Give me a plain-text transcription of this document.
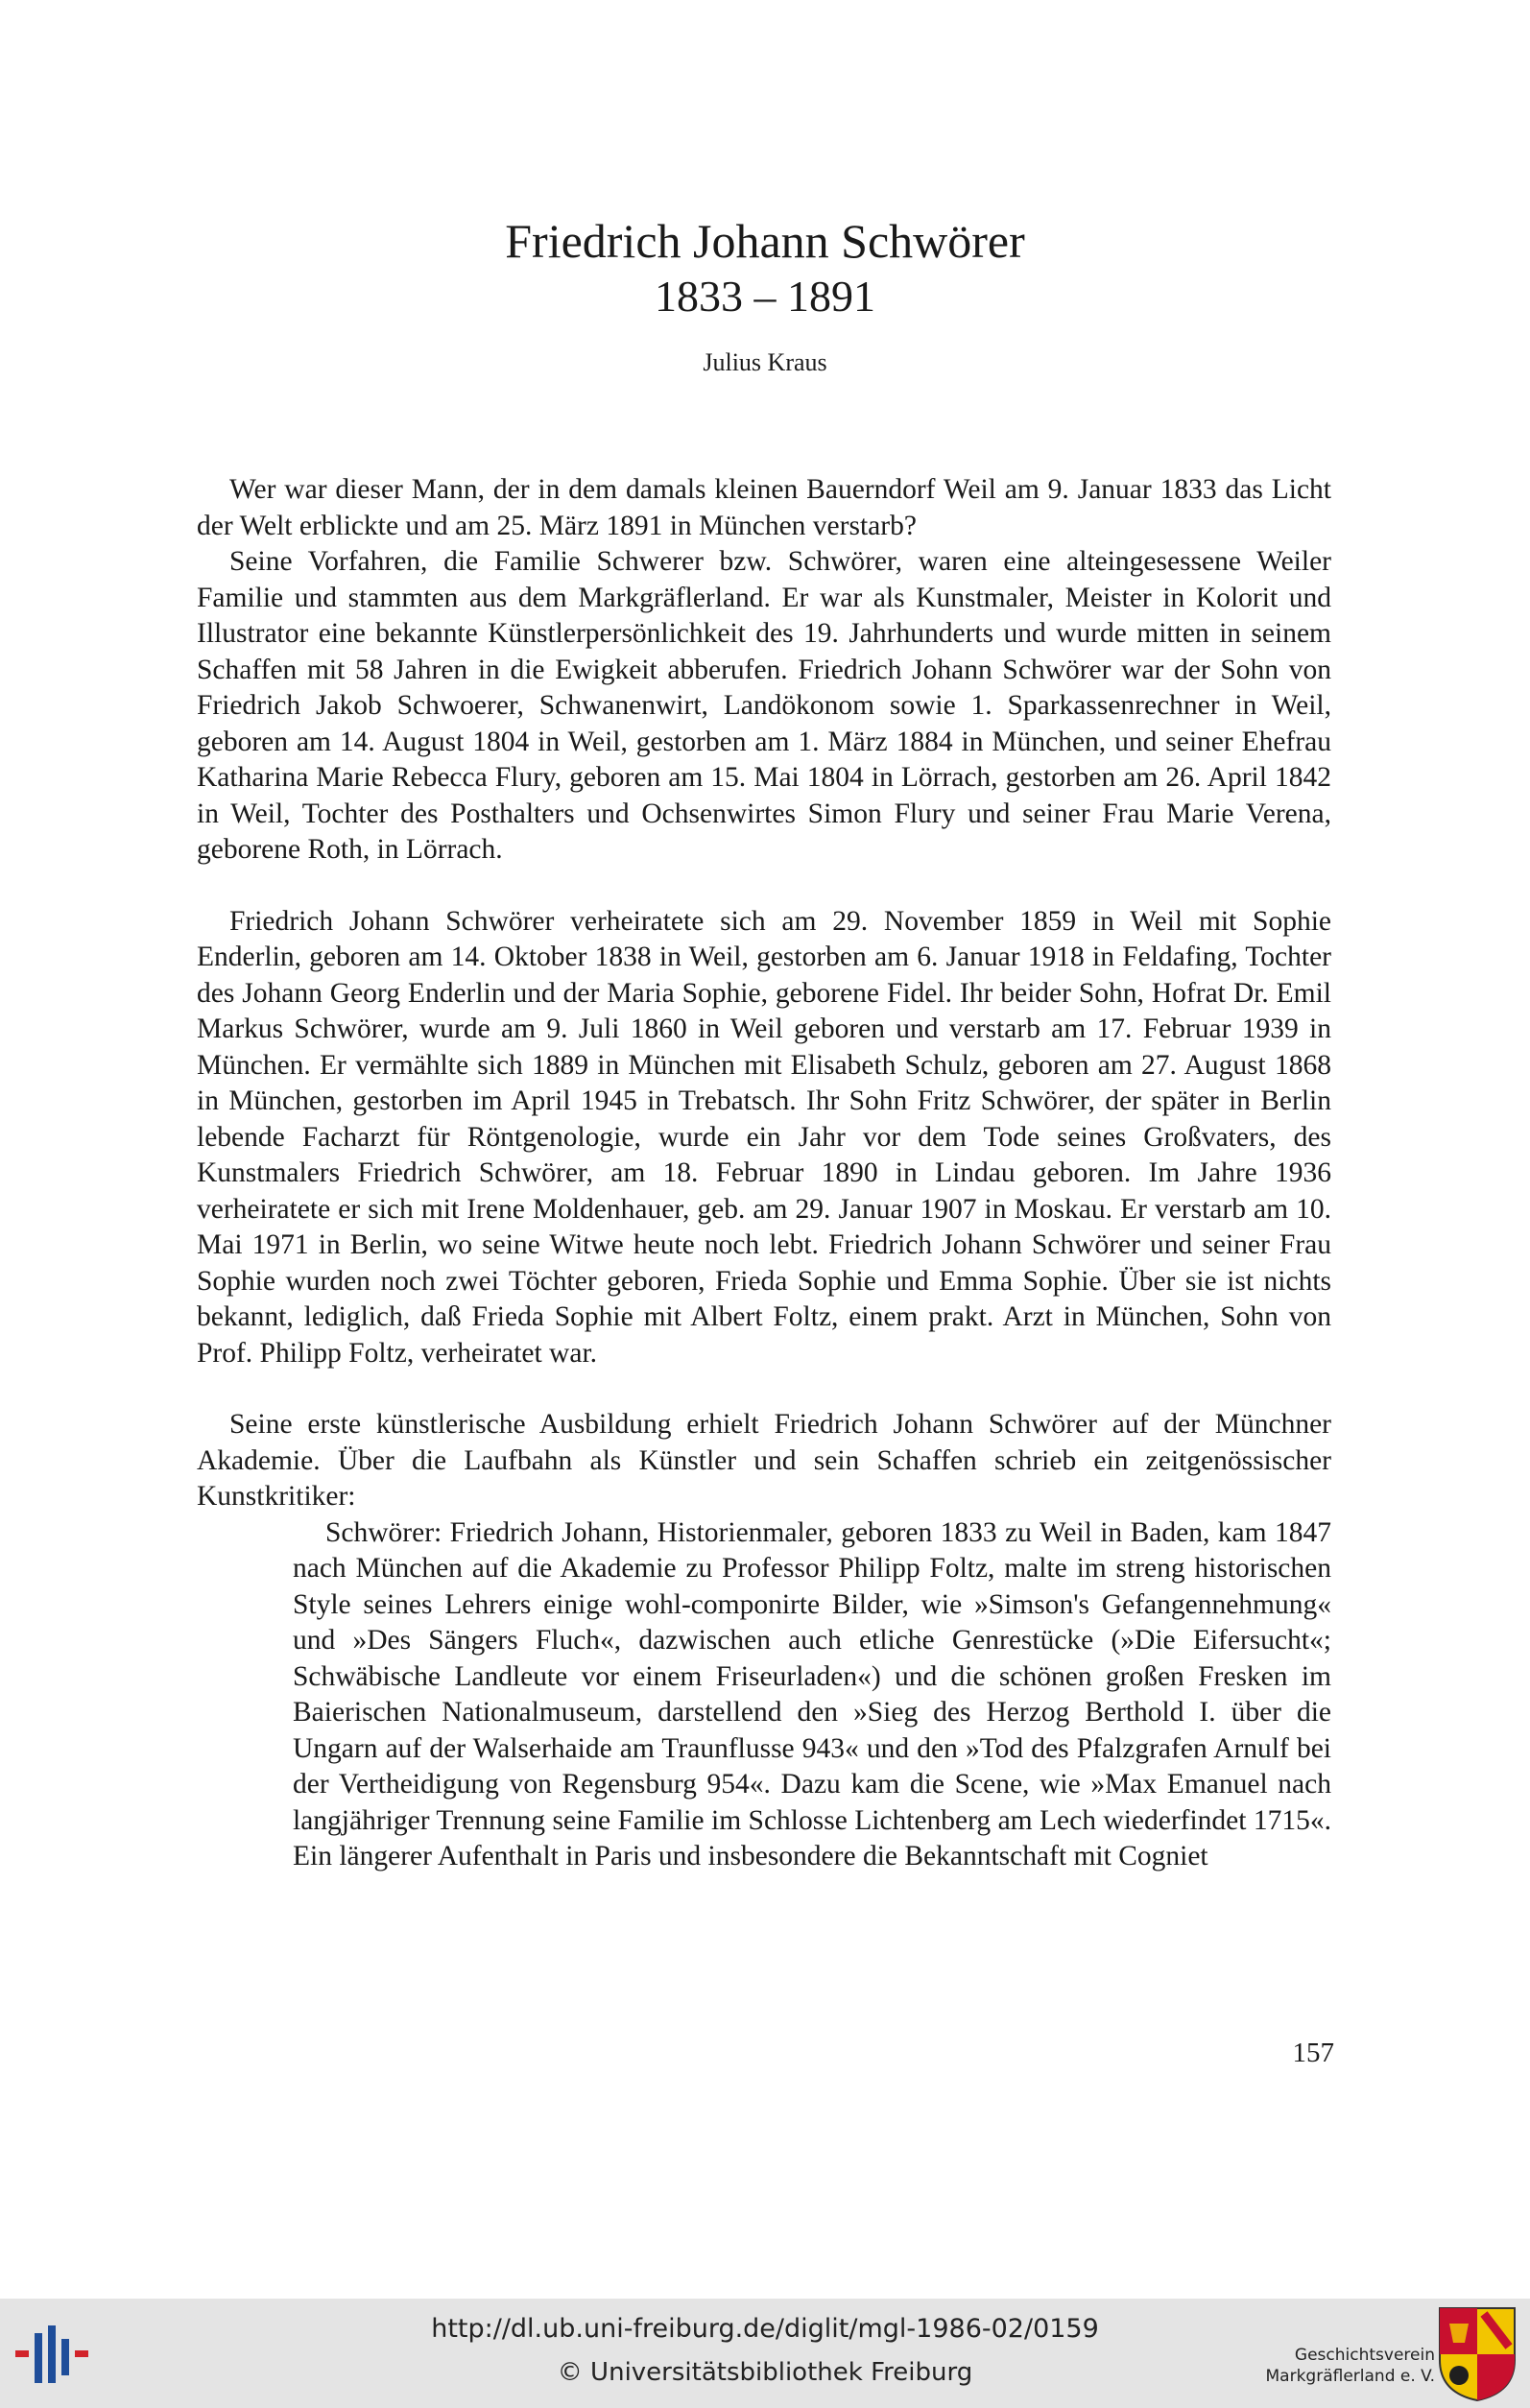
Friedrich Johann Schwörer
1833 – 1891
Julius Kraus

Wer war dieser Mann, der in dem damals kleinen Bauerndorf Weil am 9. Januar 1833 das Licht der Welt erblickte und am 25. März 1891 in München verstarb?

Seine Vorfahren, die Familie Schwerer bzw. Schwörer, waren eine alteingesessene Weiler Familie und stammten aus dem Markgräflerland. Er war als Kunstmaler, Meister in Kolorit und Illustrator eine bekannte Künstlerpersönlichkeit des 19. Jahrhunderts und wurde mitten in seinem Schaffen mit 58 Jahren in die Ewigkeit abberufen. Friedrich Johann Schwörer war der Sohn von Friedrich Jakob Schwoerer, Schwanenwirt, Landökonom sowie 1. Sparkassenrechner in Weil, geboren am 14. August 1804 in Weil, gestorben am 1. März 1884 in München, und seiner Ehefrau Katharina Marie Rebecca Flury, geboren am 15. Mai 1804 in Lörrach, gestorben am 26. April 1842 in Weil, Tochter des Posthalters und Ochsenwirtes Simon Flury und seiner Frau Marie Verena, geborene Roth, in Lörrach.

Friedrich Johann Schwörer verheiratete sich am 29. November 1859 in Weil mit Sophie Enderlin, geboren am 14. Oktober 1838 in Weil, gestorben am 6. Januar 1918 in Feldafing, Tochter des Johann Georg Enderlin und der Maria Sophie, geborene Fidel. Ihr beider Sohn, Hofrat Dr. Emil Markus Schwörer, wurde am 9. Juli 1860 in Weil geboren und verstarb am 17. Februar 1939 in München. Er vermählte sich 1889 in München mit Elisabeth Schulz, geboren am 27. August 1868 in München, gestorben im April 1945 in Trebatsch. Ihr Sohn Fritz Schwörer, der später in Berlin lebende Facharzt für Röntgenologie, wurde ein Jahr vor dem Tode seines Großvaters, des Kunstmalers Friedrich Schwörer, am 18. Februar 1890 in Lindau geboren. Im Jahre 1936 verheiratete er sich mit Irene Moldenhauer, geb. am 29. Januar 1907 in Moskau. Er verstarb am 10. Mai 1971 in Berlin, wo seine Witwe heute noch lebt. Friedrich Johann Schwörer und seiner Frau Sophie wurden noch zwei Töchter geboren, Frieda Sophie und Emma Sophie. Über sie ist nichts bekannt, lediglich, daß Frieda Sophie mit Albert Foltz, einem prakt. Arzt in München, Sohn von Prof. Philipp Foltz, verheiratet war.

Seine erste künstlerische Ausbildung erhielt Friedrich Johann Schwörer auf der Münchner Akademie. Über die Laufbahn als Künstler und sein Schaffen schrieb ein zeitgenössischer Kunstkritiker:

Schwörer: Friedrich Johann, Historienmaler, geboren 1833 zu Weil in Baden, kam 1847 nach München auf die Akademie zu Professor Philipp Foltz, malte im streng historischen Style seines Lehrers einige wohl-componirte Bilder, wie »Simson's Gefangennehmung« und »Des Sängers Fluch«, dazwischen auch etliche Genrestücke (»Die Eifersucht«; Schwäbische Landleute vor einem Friseurladen«) und die schönen großen Fresken im Baierischen Nationalmuseum, darstellend den »Sieg des Herzog Berthold I. über die Ungarn auf der Walserhaide am Traunflusse 943« und den »Tod des Pfalzgrafen Arnulf bei der Vertheidigung von Regensburg 954«. Dazu kam die Scene, wie »Max Emanuel nach langjähriger Trennung seine Familie im Schlosse Lichtenberg am Lech wiederfindet 1715«. Ein längerer Aufenthalt in Paris und insbesondere die Bekanntschaft mit Cogniet

157
http://dl.ub.uni-freiburg.de/diglit/mgl-1986-02/0159
© Universitätsbibliothek Freiburg
Geschichtsverein
Markgräflerland e. V.
